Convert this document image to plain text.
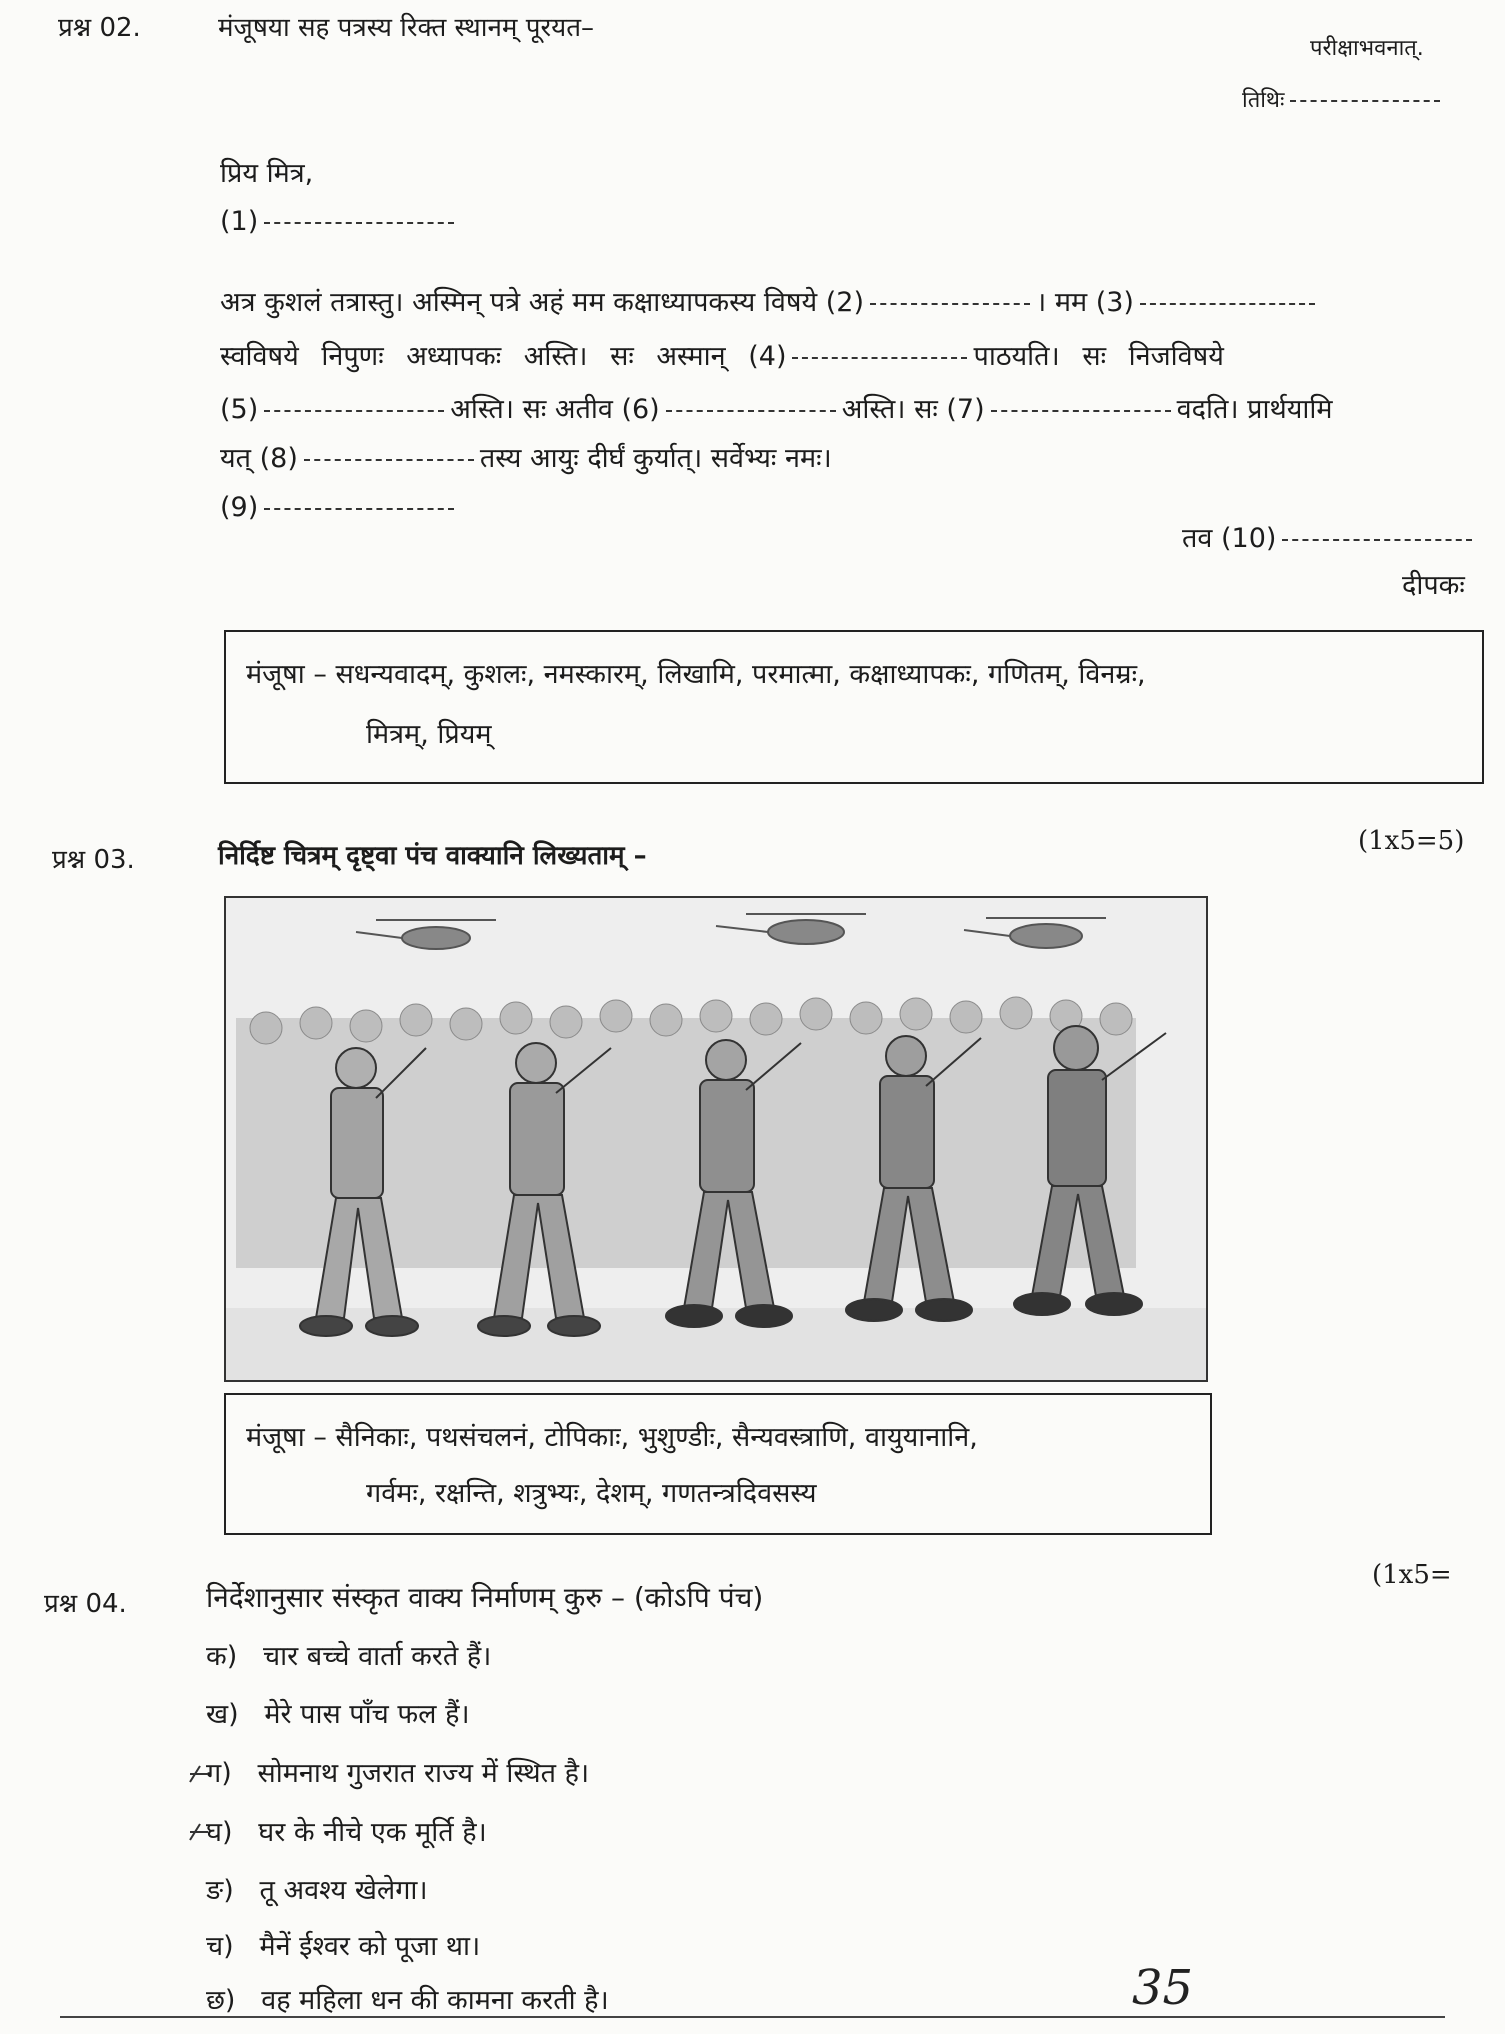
प्रश्न 02.	मंजूषया सह पत्रस्य रिक्त स्थानम् पूरयत–
परीक्षाभवनात्.
तिथिः
प्रिय मित्र,
(1)
अत्र कुशलं तत्रास्तु। अस्मिन् पत्रे अहं मम कक्षाध्यापकस्य विषये (2)	। मम (3)
स्वविषये निपुणः अध्यापकः अस्ति। सः अस्मान् (4)	पाठयति। सः निजविषये
(5)	अस्ति। सः अतीव (6)	अस्ति। सः (7)	वदति। प्रार्थयामि
यत् (8)	तस्य आयुः दीर्घं कुर्यात्। सर्वेभ्यः नमः।
(9)
तव (10)
दीपकः
मंजूषा – सधन्यवादम्, कुशलः, नमस्कारम्, लिखामि, परमात्मा, कक्षाध्यापकः, गणितम्, विनम्रः,
मित्रम्, प्रियम्
प्रश्न 03.	निर्दिष्ट चित्रम् दृष्ट्वा पंच वाक्यानि लिख्यताम् –	(1x5=5)
मंजूषा – सैनिकाः, पथसंचलनं, टोपिकाः, भुशुण्डीः, सैन्यवस्त्राणि, वायुयानानि,
गर्वमः, रक्षन्ति, शत्रुभ्यः, देशम्, गणतन्त्रदिवसस्य
प्रश्न 04.	निर्देशानुसार संस्कृत वाक्य निर्माणम् कुरु – (कोऽपि पंच)
(1x5=
क) चार बच्चे वार्ता करते हैं।
ख) मेरे पास पाँच फल हैं।
ग) सोमनाथ गुजरात राज्य में स्थित है।
घ) घर के नीचे एक मूर्ति है।
ङ) तू अवश्य खेलेगा।
च) मैनें ईश्वर को पूजा था।
छ) वह महिला धन की कामना करती है।	35
